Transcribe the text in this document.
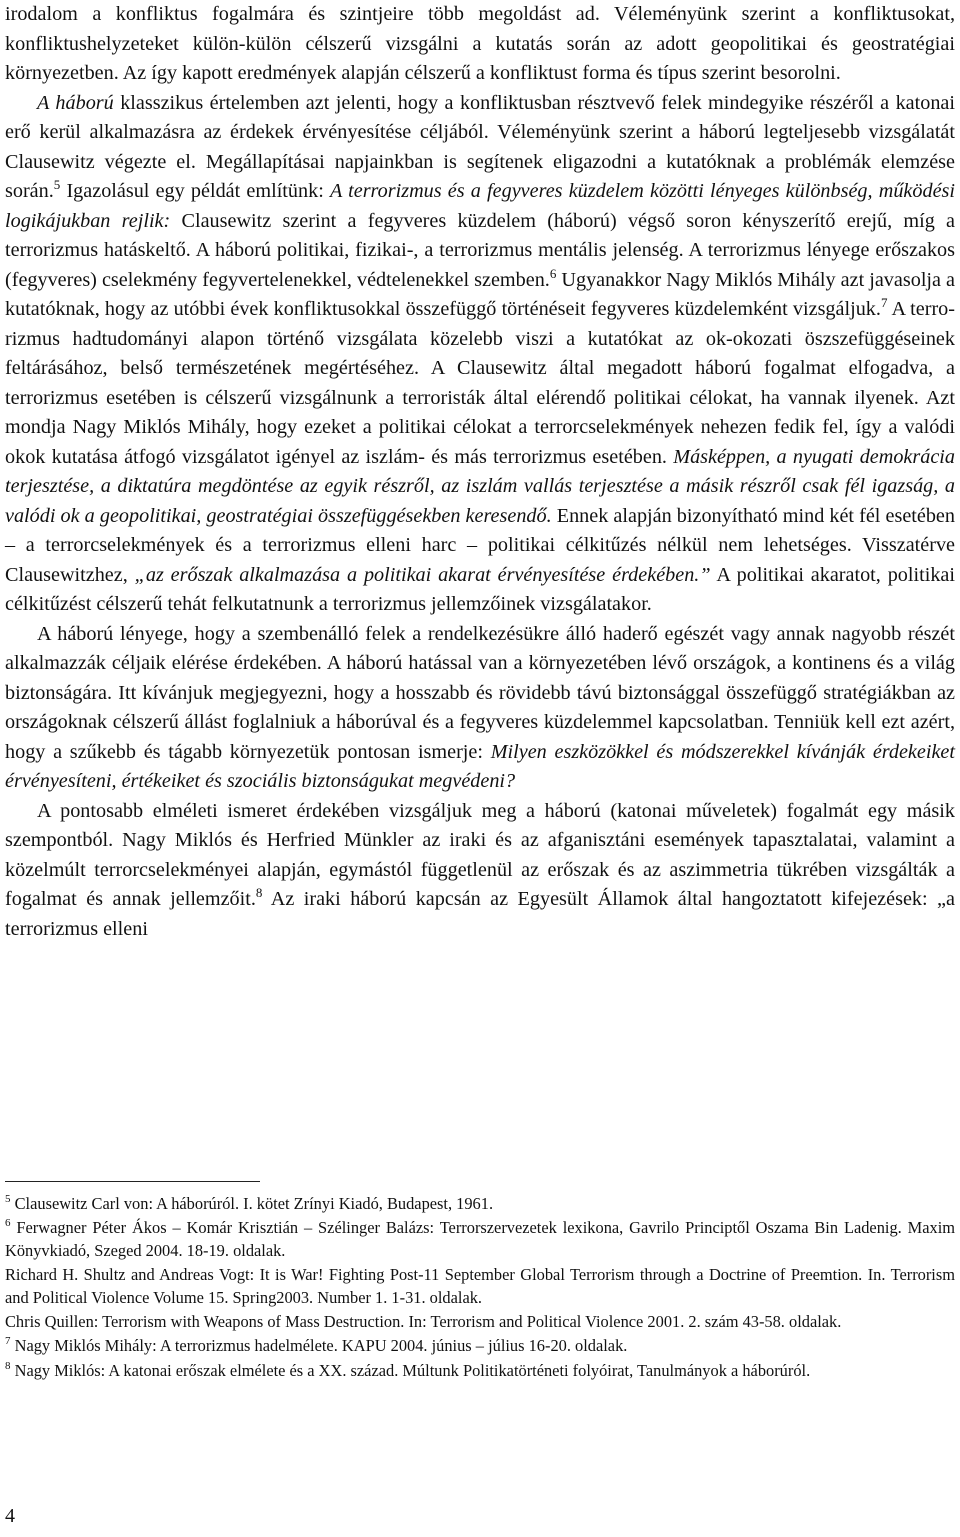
irodalom a konfliktus fogalmára és szintjeire több megoldást ad. Véleményünk szerint a konfliktusokat, konfliktushelyzeteket külön-külön célszerű vizsgálni a kutatás során az adott geopolitikai és geostratégiai környezetben. Az így kapott eredmények alapján célszerű a konfliktust forma és típus szerint besorolni.

A háború klasszikus értelemben azt jelenti, hogy a konfliktusban résztvevő felek mindegyike részéről a katonai erő kerül alkalmazásra az érdekek érvényesítése céljából. Véleményünk szerint a háború legteljesebb vizsgálatát Clausewitz végezte el. Megállapításai napjainkban is segítenek eligazodni a kutatóknak a problémák elemzése során.$^5$ Igazolásul egy példát említünk: A terrorizmus és a fegyveres küzdelem közötti lényeges különbség, működési logikájukban rejlik: Clausewitz szerint a fegyveres küzdelem (háború) végső soron kényszerítő erejű, míg a terrorizmus hatáskeltő. A háború politikai, fizikai-, a terrorizmus mentális jelenség. A terrorizmus lényege erőszakos (fegyveres) cselekmény fegyvertelenekkel, védtelenekkel szemben.$^6$ Ugyanakkor Nagy Miklós Mihály azt javasolja a kutatóknak, hogy az utóbbi évek konfliktusokkal összefüggő történéseit fegyveres küzdelemként vizsgáljuk.$^7$ A terrorizmus hadtudományi alapon történő vizsgálata közelebb viszi a kutatókat az ok-okozati öszszefüggéseinek feltárásához, belső természetének megértéséhez. A Clausewitz által megadott háború fogalmat elfogadva, a terrorizmus esetében is célszerű vizsgálnunk a terroristák által elérendő politikai célokat, ha vannak ilyenek. Azt mondja Nagy Miklós Mihály, hogy ezeket a politikai célokat a terrorcselekmények nehezen fedik fel, így a valódi okok kutatása átfogó vizsgálatot igényel az iszlám- és más terrorizmus esetében. Másképpen, a nyugati demokrácia terjesztése, a diktatúra megdöntése az egyik részről, az iszlám vallás terjesztése a másik részről csak fél igazság, a valódi ok a geopolitikai, geostratégiai összefüggésekben keresendő. Ennek alapján bizonyítható mind két fél esetében – a terrorcselekmények és a terrorizmus elleni harc – politikai célkitűzés nélkül nem lehetséges. Visszatérve Clausewitzhez, „az erőszak alkalmazása a politikai akarat érvényesítése érdekében.” A politikai akaratot, politikai célkitűzést célszerű tehát felkutatnunk a terrorizmus jellemzőinek vizsgálatakor.

A háború lényege, hogy a szembenálló felek a rendelkezésükre álló haderő egészét vagy annak nagyobb részét alkalmazzák céljaik elérése érdekében. A háború hatással van a környezetében lévő országok, a kontinens és a világ biztonságára. Itt kívánjuk megjegyezni, hogy a hosszabb és rövidebb távú biztonsággal összefüggő stratégiákban az országoknak célszerű állást foglalniuk a háborúval és a fegyveres küzdelemmel kapcsolatban. Tenniük kell ezt azért, hogy a szűkebb és tágabb környezetük pontosan ismerje: Milyen eszközökkel és módszerekkel kívánják érdekeiket érvényesíteni, értékeiket és szociális biztonságukat megvédeni?

A pontosabb elméleti ismeret érdekében vizsgáljuk meg a háború (katonai műveletek) fogalmát egy másik szempontból. Nagy Miklós és Herfried Münkler az iraki és az afganisztáni események tapasztalatai, valamint a közelmúlt terrorcselekményei alapján, egymástól függetlenül az erőszak és az aszimmetria tükrében vizsgálták a fogalmat és annak jellemzőit.$^8$ Az iraki háború kapcsán az Egyesült Államok által hangoztatott kifejezések: „a terrorizmus elleni

$^5$ Clausewitz Carl von: A háborúról. I. kötet Zrínyi Kiadó, Budapest, 1961.
$^6$ Ferwagner Péter Ákos – Komár Krisztián – Szélinger Balázs: Terrorszervezetek lexikona, Gavrilo Principtől Oszama Bin Ladenig. Maxim Könyvkiadó, Szeged 2004. 18-19. oldalak.
Richard H. Shultz and Andreas Vogt: It is War! Fighting Post-11 September Global Terrorism through a Doctrine of Preemtion. In. Terrorism and Political Violence Volume 15. Spring2003. Number 1. 1-31. oldalak.
Chris Quillen: Terrorism with Weapons of Mass Destruction. In: Terrorism and Political Violence 2001. 2. szám 43-58. oldalak.
$^7$ Nagy Miklós Mihály: A terrorizmus hadelmélete. KAPU 2004. június – július 16-20. oldalak.
$^8$ Nagy Miklós: A katonai erőszak elmélete és a XX. század. Múltunk Politikatörténeti folyóirat, Tanulmányok a háborúról.
4
